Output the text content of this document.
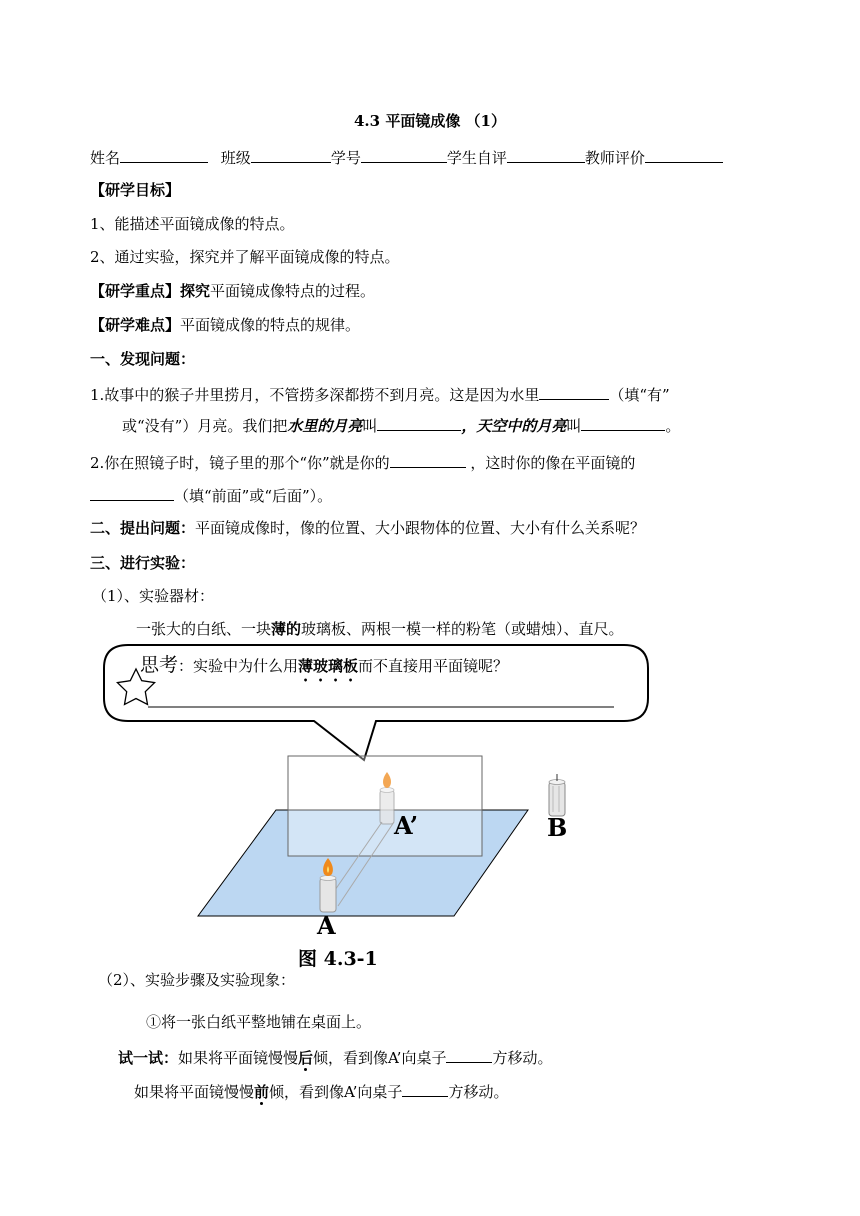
4.3 平面镜成像 （1）
姓名	班级	学号	学生自评	教师评价
【研学目标】
1、能描述平面镜成像的特点。
2、通过实验，探究并了解平面镜成像的特点。
【研学重点】探究平面镜成像特点的过程。
【研学难点】平面镜成像的特点的规律。
一、发现问题：
1.故事中的猴子井里捞月，不管捞多深都捞不到月亮。这是因为水里	（填“有”
或“没有”）月亮。我们把水里的月亮叫	，天空中的月亮叫	。
2.你在照镜子时，镜子里的那个“你”就是你的	，这时你的像在平面镜的
（填“前面”或“后面”）。
二、提出问题：平面镜成像时，像的位置、大小跟物体的位置、大小有什么关系呢？
三、进行实验：
（1）、实验器材：
一张大的白纸、一块薄的玻璃板、两根一模一样的粉笔（或蜡烛）、直尺。
思考：实验中为什么用薄玻璃板而不直接用平面镜呢？
A’	B
A
图 4.3-1
（2）、实验步骤及实验现象：
①将一张白纸平整地铺在桌面上。
试一试：如果将平面镜慢慢后倾，看到像A’向桌子	方移动。
如果将平面镜慢慢前倾，看到像A’向桌子	方移动。
